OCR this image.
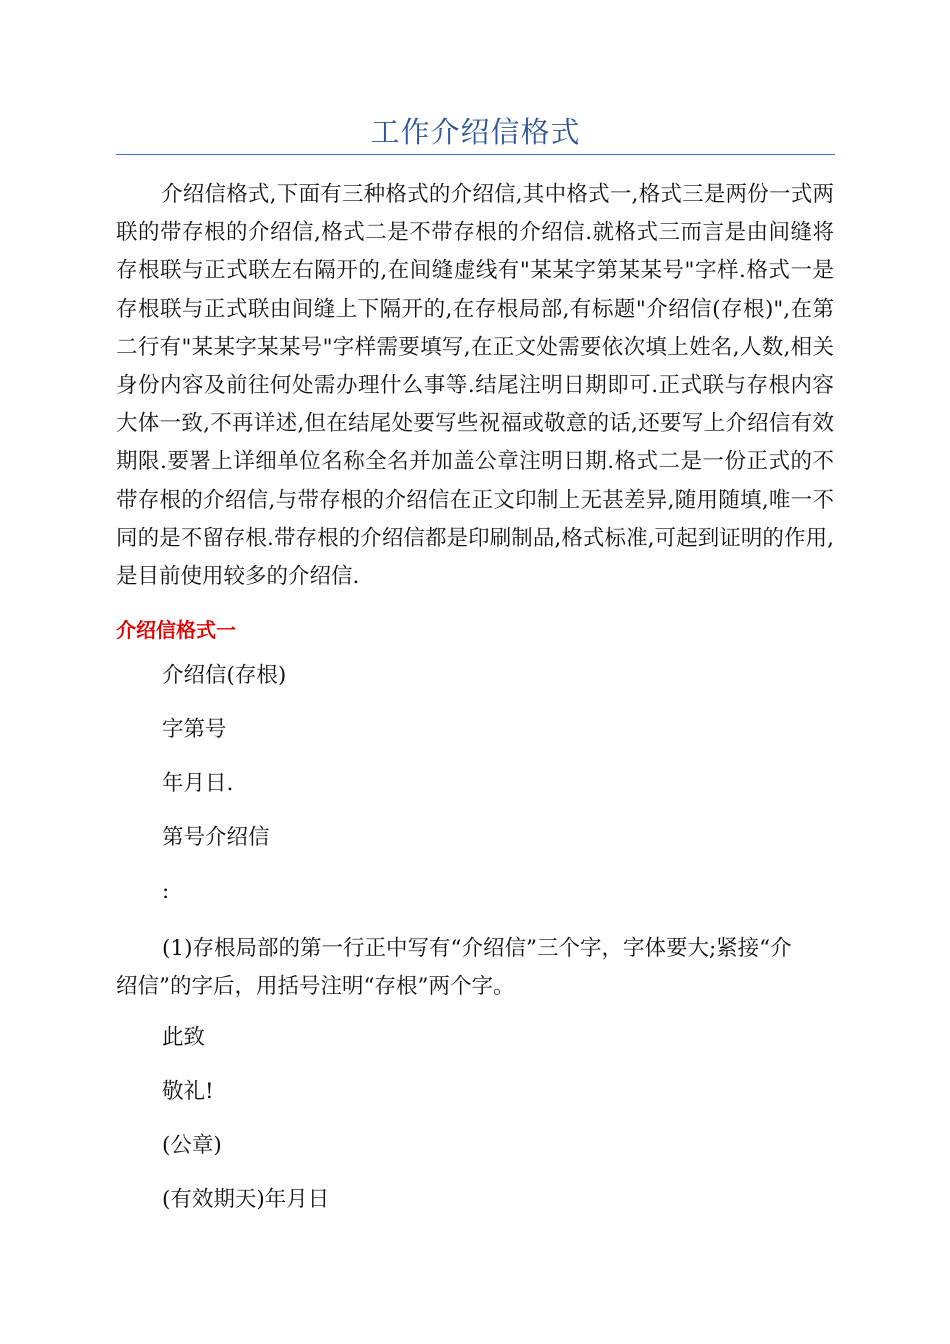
工作介绍信格式

介绍信格式,下面有三种格式的介绍信,其中格式一,格式三是两份一式两联的带存根的介绍信,格式二是不带存根的介绍信.就格式三而言是由间缝将存根联与正式联左右隔开的,在间缝虚线有"某某字第某某号"字样.格式一是存根联与正式联由间缝上下隔开的,在存根局部,有标题"介绍信(存根)",在第二行有"某某字某某号"字样需要填写,在正文处需要依次填上姓名,人数,相关身份内容及前往何处需办理什么事等.结尾注明日期即可.正式联与存根内容大体一致,不再详述,但在结尾处要写些祝福或敬意的话,还要写上介绍信有效期限.要署上详细单位名称全名并加盖公章注明日期.格式二是一份正式的不带存根的介绍信,与带存根的介绍信在正文印制上无甚差异,随用随填,唯一不同的是不留存根.带存根的介绍信都是印刷制品,格式标准,可起到证明的作用,是目前使用较多的介绍信.

介绍信格式一

介绍信(存根)

字第号

年月日.

第号介绍信

:

(1)存根局部的第一行正中写有“介绍信”三个字，字体要大;紧接“介绍信”的字后，用括号注明“存根”两个字。

此致

敬礼!

(公章)

(有效期天)年月日
